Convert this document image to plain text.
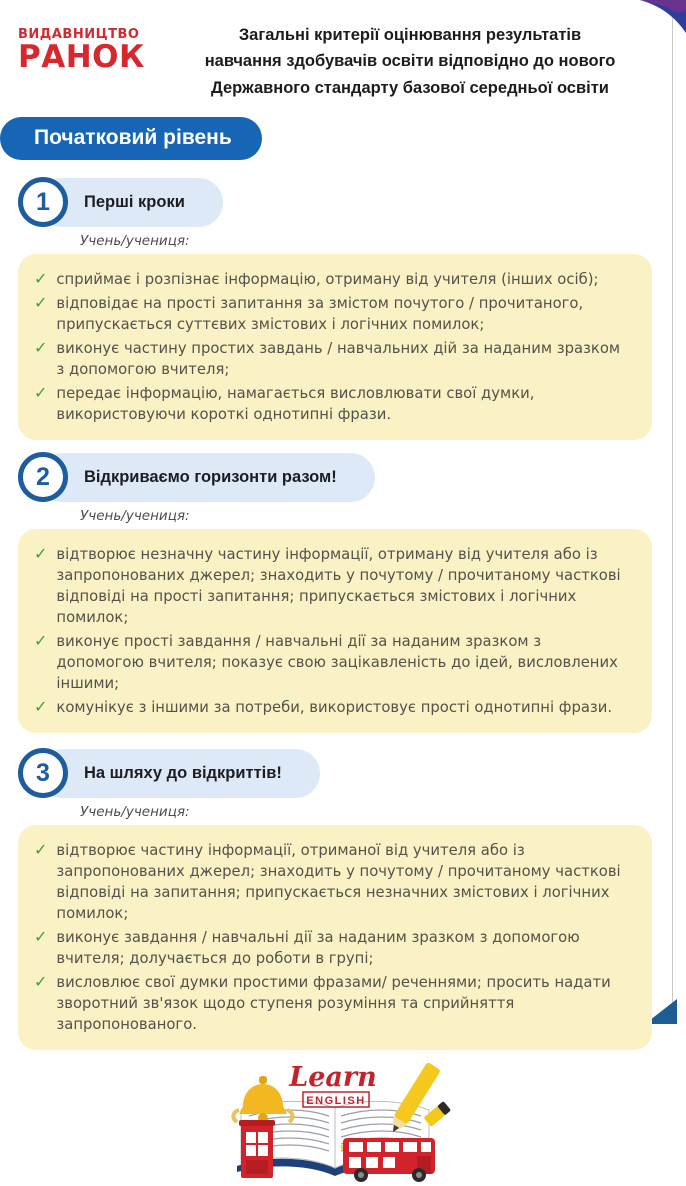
ВИДАВНИЦТВО
РАНОК
Загальні критерії оцінювання результатів
навчання здобувачів освіти відповідно до нового
Державного стандарту базової середньої освіти
Початковий рівень
1	Перші кроки
Учень/учениця:
✓ сприймає і розпізнає інформацію, отриману від учителя (інших осіб);
✓ відповідає на прості запитання за змістом почутого / прочитаного, припускається суттєвих змістових і логічних помилок;
✓ виконує частину простих завдань / навчальних дій за наданим зразком з допомогою вчителя;
✓ передає інформацію, намагається висловлювати свої думки, використовуючи короткі однотипні фрази.
2	Відкриваємо горизонти разом!
Учень/учениця:
✓ відтворює незначну частину інформації, отриману від учителя або із запропонованих джерел; знаходить у почутому / прочитаному часткові відповіді на прості запитання; припускається змістових і логічних помилок;
✓ виконує прості завдання / навчальні дії за наданим зразком з допомогою вчителя; показує свою зацікавленість до ідей, висловлених іншими;
✓ комунікує з іншими за потреби, використовує прості однотипні фрази.
3	На шляху до відкриттів!
Учень/учениця:
✓ відтворює частину інформації, отриманої від учителя або із запропонованих джерел; знаходить у почутому / прочитаному часткові відповіді на запитання; припускається незначних змістових і логічних помилок;
✓ виконує завдання / навчальні дії за наданим зразком з допомогою вчителя; долучається до роботи в групі;
✓ висловлює свої думки простими фразами/ реченнями; просить надати зворотний зв'язок щодо ступеня розуміння та сприйняття запропонованого.
Learn
ENGLISH
